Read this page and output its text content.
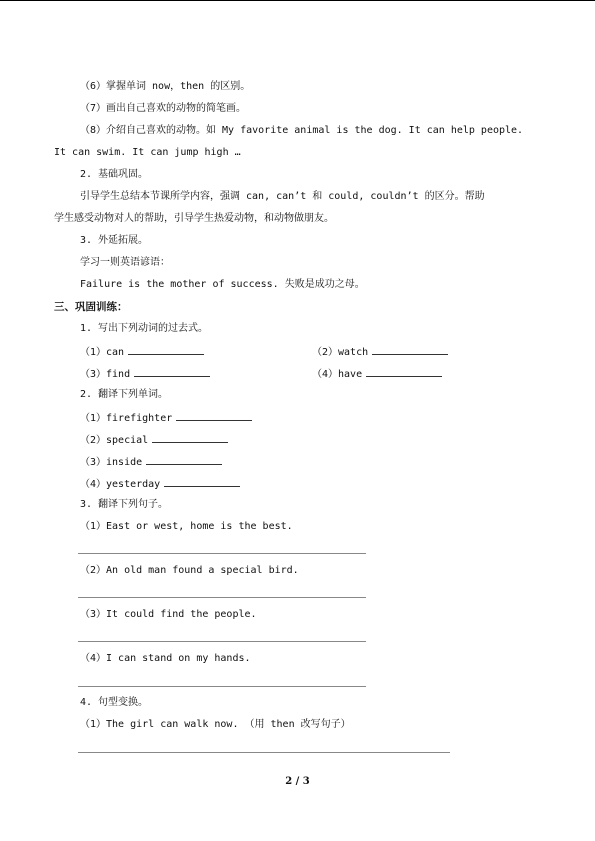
（6）掌握单词 now，then 的区别。
（7）画出自己喜欢的动物的简笔画。
（8）介绍自己喜欢的动物。如 My favorite animal is the dog. It can help people.
It can swim. It can jump high …
2. 基础巩固。
引导学生总结本节课所学内容，强调 can, can’t 和 could, couldn’t 的区分。帮助
学生感受动物对人的帮助，引导学生热爱动物，和动物做朋友。
3. 外延拓展。
学习一则英语谚语：
Failure is the mother of success. 失败是成功之母。
三、巩固训练：
1. 写出下列动词的过去式。
（1）can	（2）watch
（3）find	（4）have
2. 翻译下列单词。
（1）firefighter
（2）special
（3）inside
（4）yesterday
3. 翻译下列句子。
（1）East or west, home is the best.
（2）An old man found a special bird.
（3）It could find the people.
（4）I can stand on my hands.
4. 句型变换。
（1）The girl can walk now. （用 then 改写句子）
2 / 3
